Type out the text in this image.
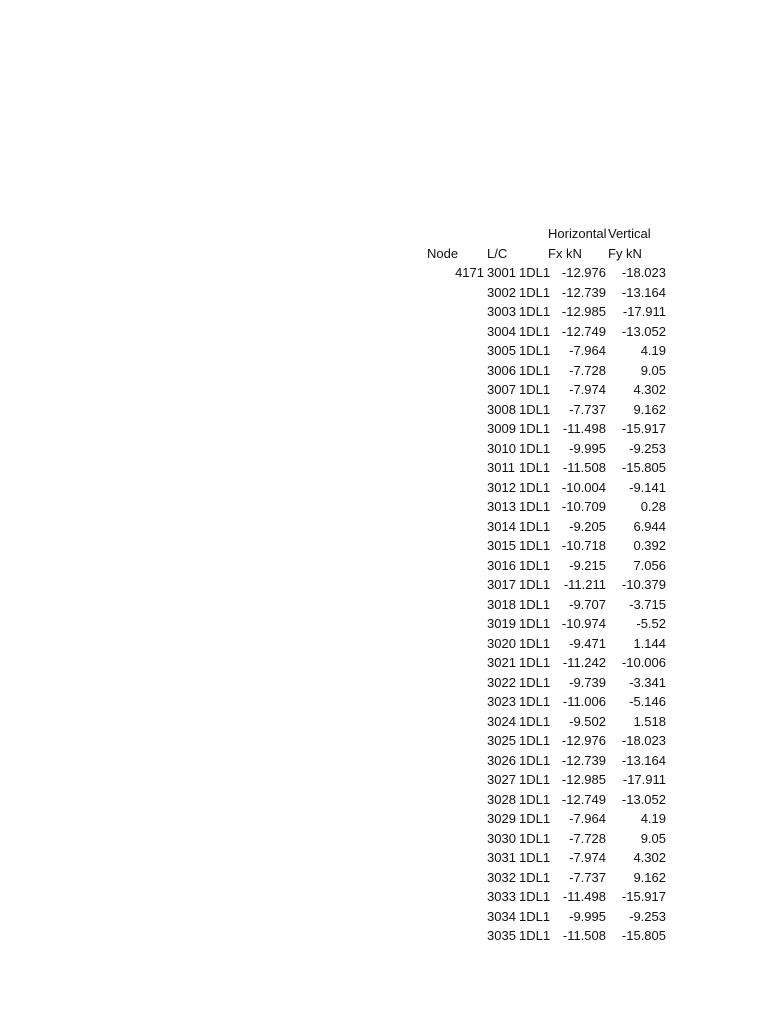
Horizontal Vertical
Node L/C	Fx kN Fy kN
4171 3001 1DL1 -12.976 -18.023
3002 1DL1 -12.739 -13.164
3003 1DL1 -12.985 -17.911
3004 1DL1 -12.749 -13.052
3005 1DL1 -7.964	4.19
3006 1DL1 -7.728	9.05
3007 1DL1 -7.974 4.302
3008 1DL1 -7.737 9.162
3009 1DL1 -11.498 -15.917
3010 1DL1 -9.995 -9.253
3011 1DL1 -11.508 -15.805
3012 1DL1 -10.004 -9.141
3013 1DL1 -10.709	0.28
3014 1DL1 -9.205 6.944
3015 1DL1 -10.718 0.392
3016 1DL1 -9.215 7.056
3017 1DL1 -11.211 -10.379
3018 1DL1 -9.707 -3.715
3019 1DL1 -10.974 -5.52
3020 1DL1 -9.471 1.144
3021 1DL1 -11.242 -10.006
3022 1DL1 -9.739 -3.341
3023 1DL1 -11.006 -5.146
3024 1DL1 -9.502 1.518
3025 1DL1 -12.976 -18.023
3026 1DL1 -12.739 -13.164
3027 1DL1 -12.985 -17.911
3028 1DL1 -12.749 -13.052
3029 1DL1 -7.964	4.19
3030 1DL1 -7.728	9.05
3031 1DL1 -7.974 4.302
3032 1DL1 -7.737 9.162
3033 1DL1 -11.498 -15.917
3034 1DL1 -9.995 -9.253
3035 1DL1 -11.508 -15.805
